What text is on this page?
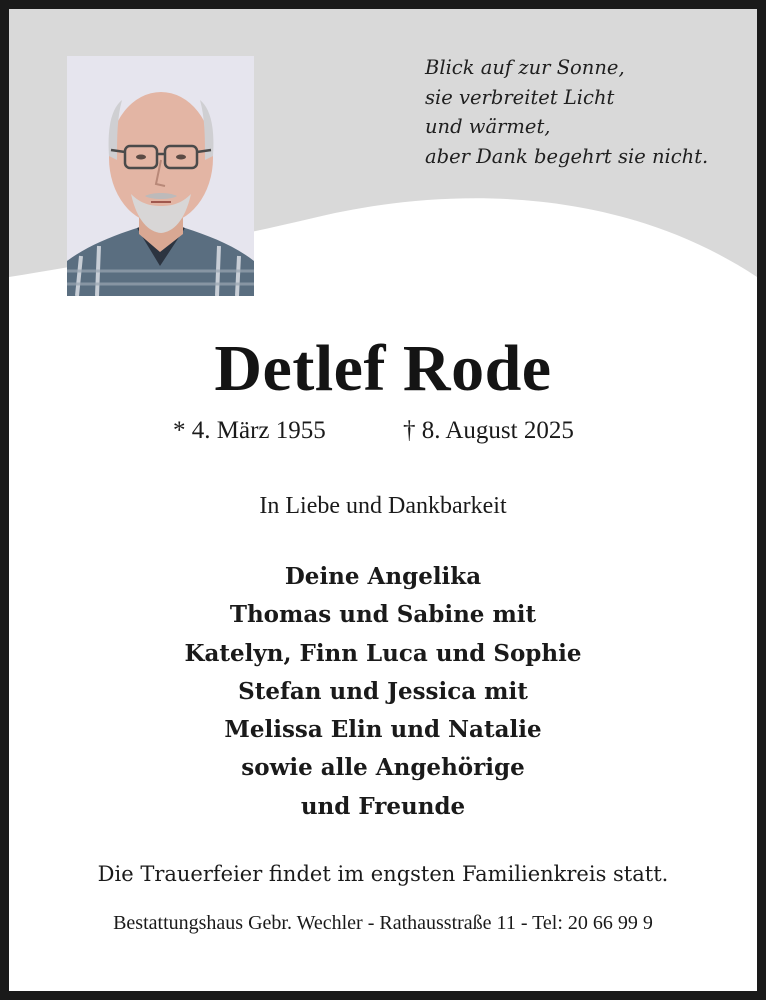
Blick auf zur Sonne,
sie verbreitet Licht
und wärmet,
aber Dank begehrt sie nicht.
Detlef Rode
* 4. März 1955	† 8. August 2025
In Liebe und Dankbarkeit
Deine Angelika
Thomas und Sabine mit
Katelyn, Finn Luca und Sophie
Stefan und Jessica mit
Melissa Elin und Natalie
sowie alle Angehörige
und Freunde
Die Trauerfeier findet im engsten Familienkreis statt.
Bestattungshaus Gebr. Wechler - Rathausstraße 11 - Tel: 20 66 99 9
